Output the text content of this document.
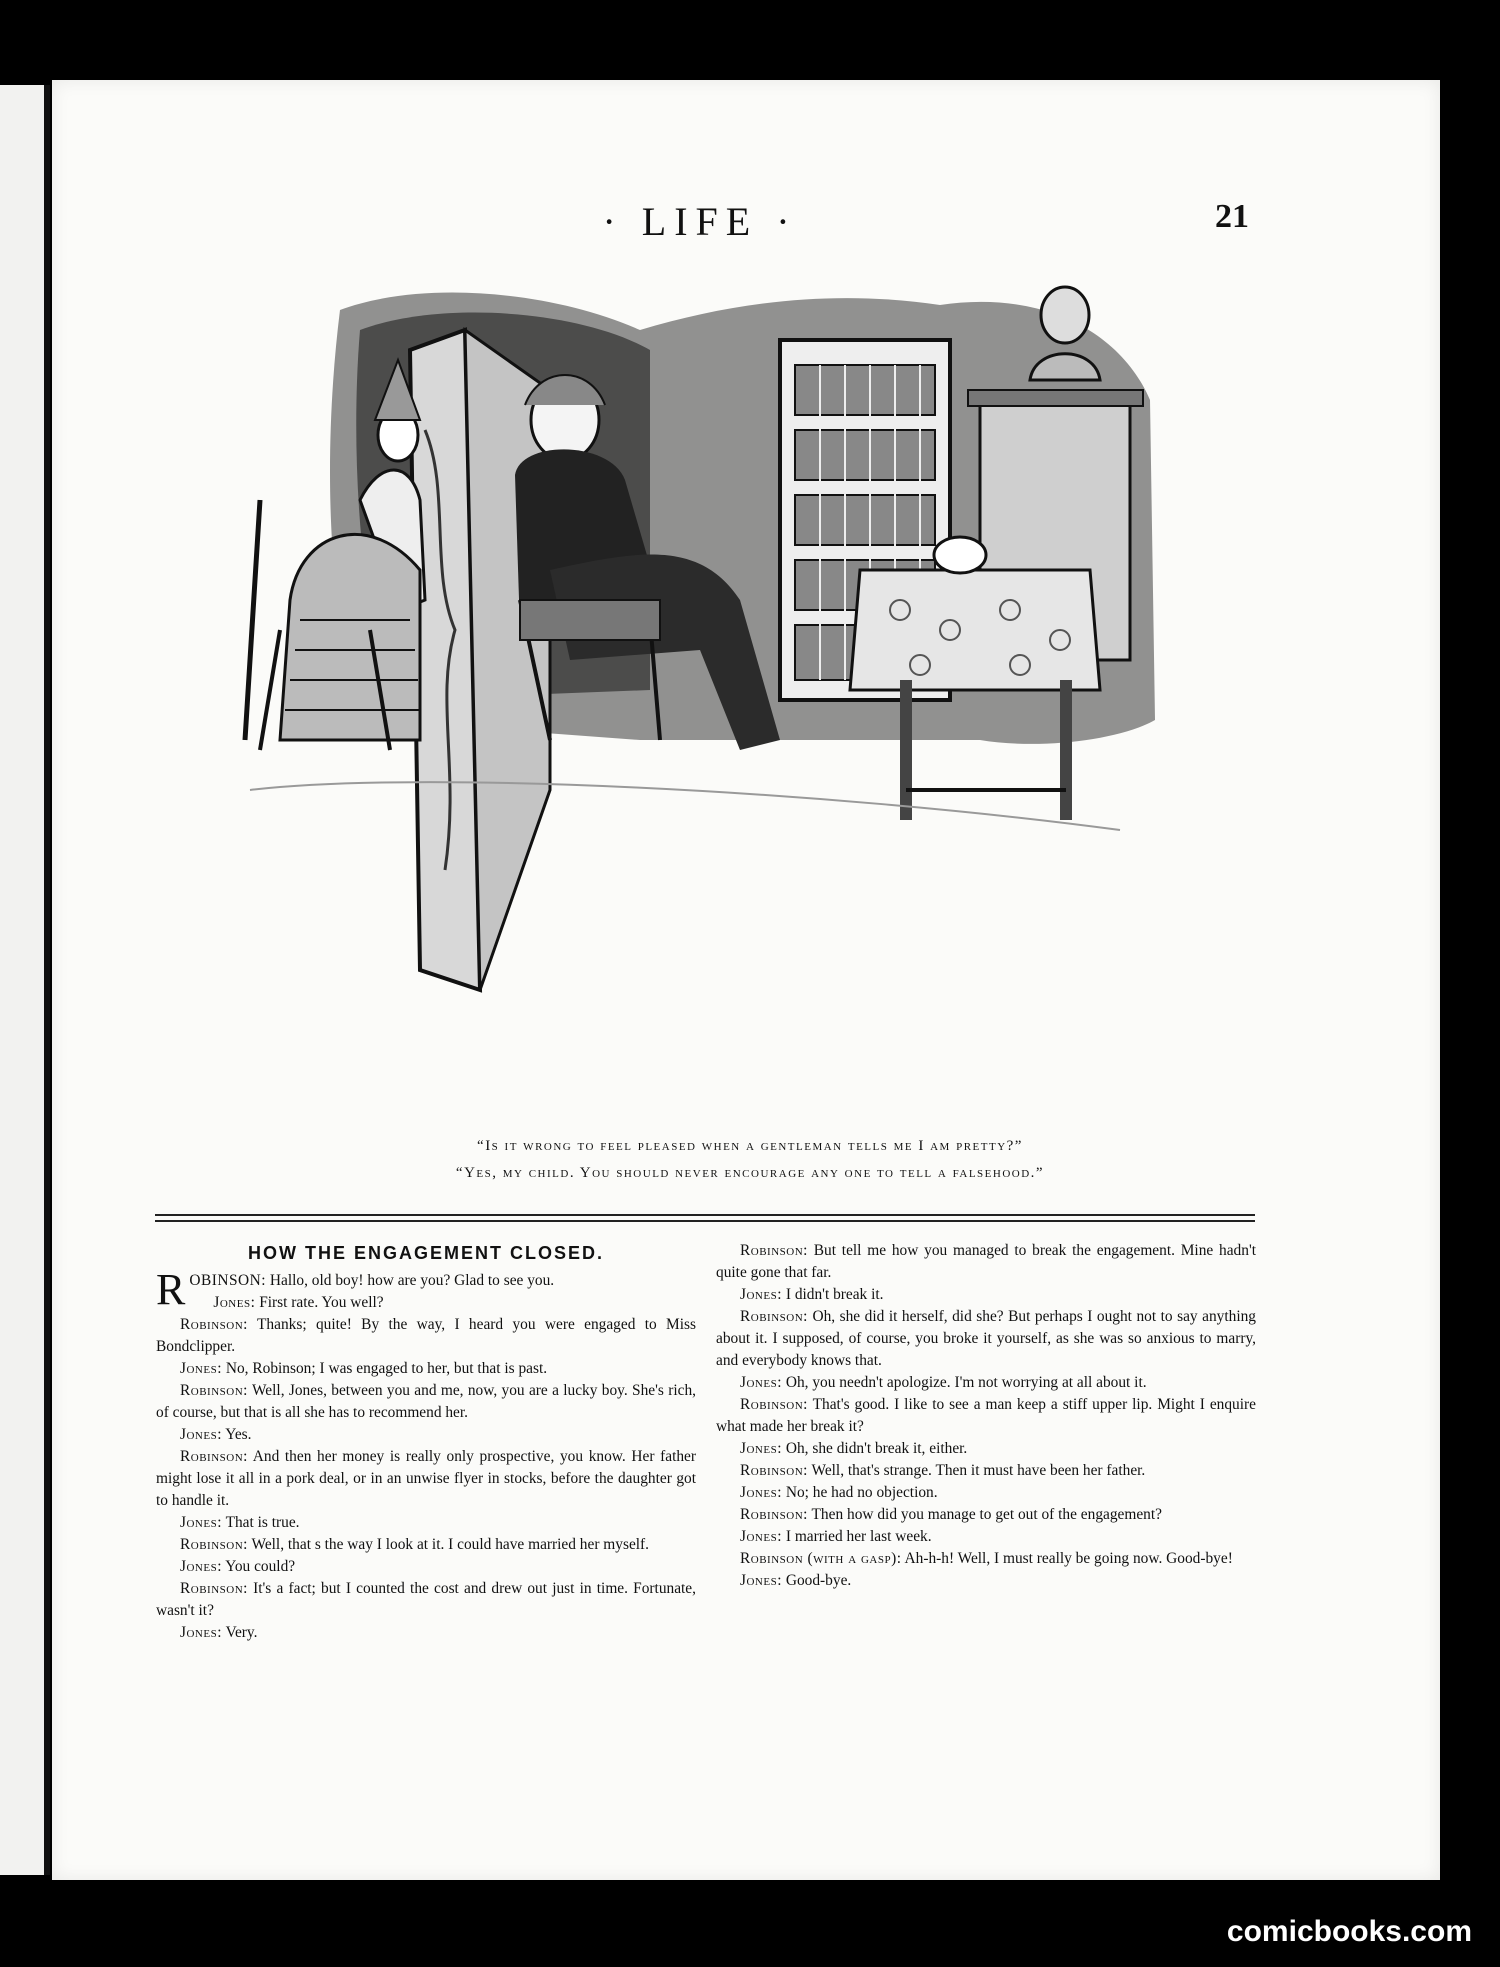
· LIFE ·	21
“Is it wrong to feel pleased when a gentleman tells me I am pretty?”
“Yes, my child. You should never encourage any one to tell a falsehood.”
HOW THE ENGAGEMENT CLOSED.

ROBINSON : Hallo, old boy! how are you? Glad to see you.

Jones : First rate. You well?

Robinson : Thanks; quite! By the way, I heard you were engaged to Miss Bondclipper.

Jones : No, Robinson; I was engaged to her, but that is past.

Robinson : Well, Jones, between you and me, now, you are a lucky boy. She's rich, of course, but that is all she has to recommend her.

Jones : Yes.

Robinson : And then her money is really only prospective, you know. Her father might lose it all in a pork deal, or in an unwise flyer in stocks, before the daughter got to handle it.

Jones : That is true.

Robinson : Well, that s the way I look at it. I could have married her myself.

Jones : You could?

Robinson : It's a fact; but I counted the cost and drew out just in time. Fortunate, wasn't it?

Jones : Very.

Robinson : But tell me how you managed to break the engagement. Mine hadn't quite gone that far.

Jones : I didn't break it.

Robinson : Oh, she did it herself, did she? But perhaps I ought not to say anything about it. I supposed, of course, you broke it yourself, as she was so anxious to marry, and everybody knows that.

Jones : Oh, you needn't apologize. I'm not worrying at all about it.

Robinson : That's good. I like to see a man keep a stiff upper lip. Might I enquire what made her break it?

Jones : Oh, she didn't break it, either.

Robinson : Well, that's strange. Then it must have been her father.

Jones : No; he had no objection.

Robinson : Then how did you manage to get out of the engagement?

Jones : I married her last week.

Robinson (with a gasp) : Ah-h-h! Well, I must really be going now. Good-bye!

Jones : Good-bye.

comicbooks.com
